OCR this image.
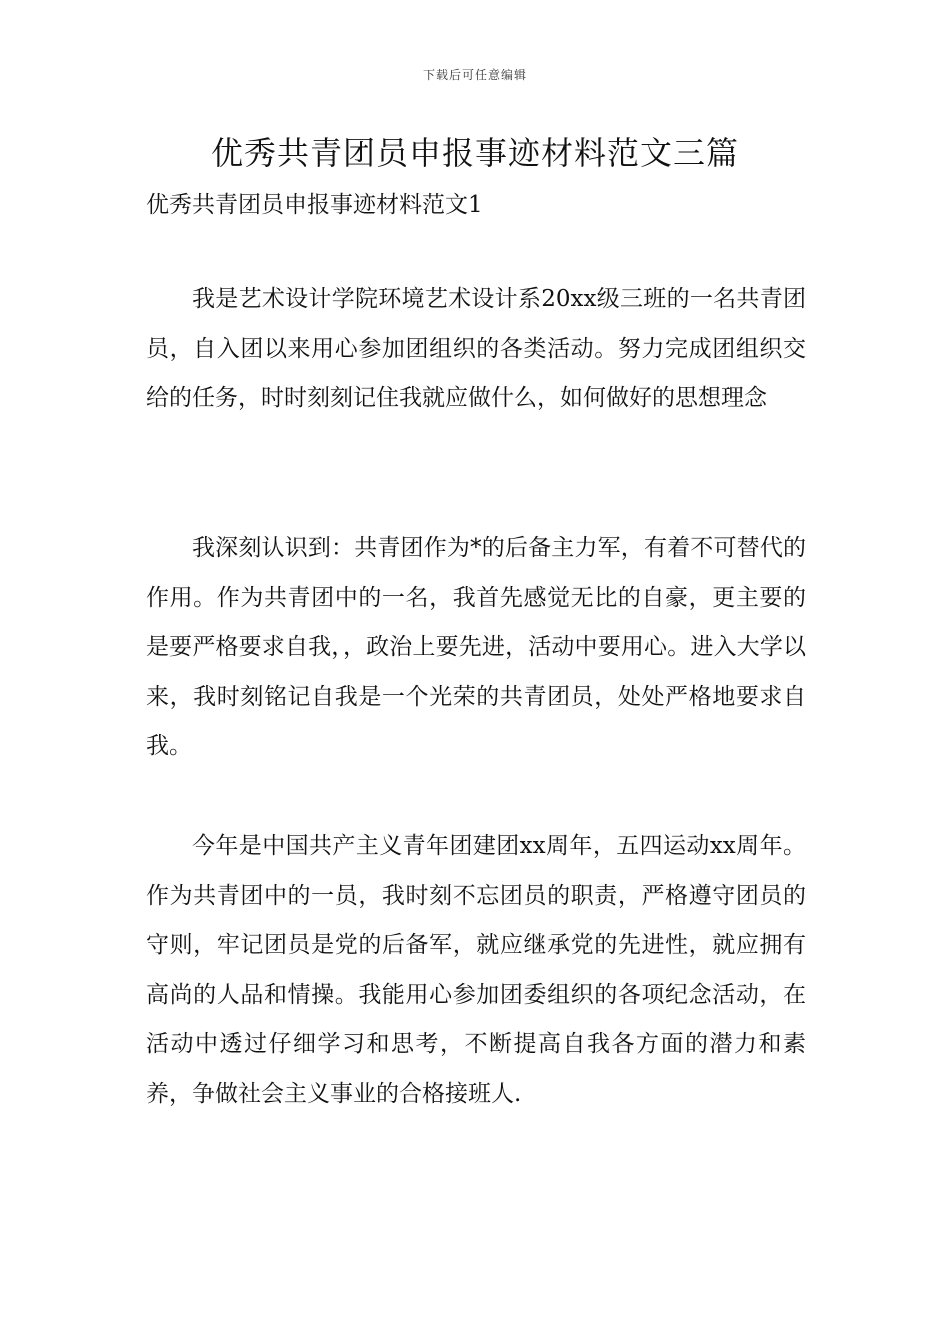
下载后可任意编辑
优秀共青团员申报事迹材料范文三篇

优秀共青团员申报事迹材料范文1

我是艺术设计学院环境艺术设计系20xx级三班的一名共青团员，自入团以来用心参加团组织的各类活动。努力完成团组织交给的任务，时时刻刻记住我就应做什么，如何做好的思想理念

我深刻认识到：共青团作为*的后备主力军，有着不可替代的作用。作为共青团中的一名，我首先感觉无比的自豪，更主要的是要严格要求自我，，政治上要先进，活动中要用心。进入大学以来，我时刻铭记自我是一个光荣的共青团员，处处严格地要求自我。

今年是中国共产主义青年团建团xx周年，五四运动xx周年。作为共青团中的一员，我时刻不忘团员的职责，严格遵守团员的守则，牢记团员是党的后备军，就应继承党的先进性，就应拥有高尚的人品和情操。我能用心参加团委组织的各项纪念活动，在活动中透过仔细学习和思考，不断提高自我各方面的潜力和素养，争做社会主义事业的合格接班人.
